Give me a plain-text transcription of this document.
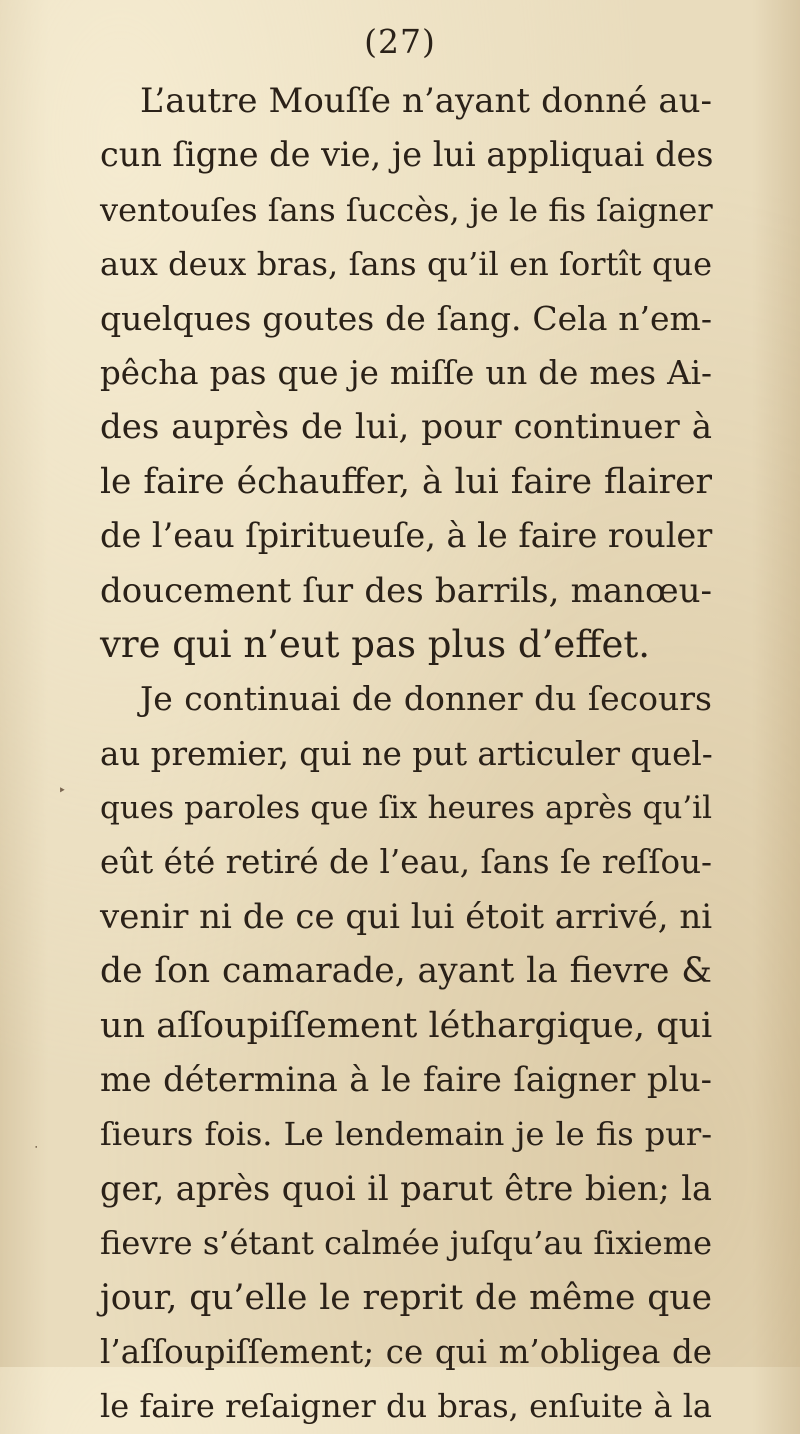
(27)
L’autre Mouſſe n’ayant donné au-
cun ſigne de vie, je lui appliquai des
ventouſes ſans ſuccès, je le fis ſaigner
aux deux bras, ſans qu’il en ſortît que
quelques goutes de ſang. Cela n’em-
pêcha pas que je miſſe un de mes Ai-
des auprès de lui, pour continuer à
le faire échauffer, à lui faire flairer
de l’eau ſpiritueuſe, à le faire rouler
doucement ſur des barrils, manœu-
vre qui n’eut pas plus d’effet.
Je continuai de donner du ſecours
au premier, qui ne put articuler quel-
ques paroles que ſix heures après qu’il
eût été retiré de l’eau, ſans ſe reſſou-
venir ni de ce qui lui étoit arrivé, ni
de ſon camarade, ayant la fievre &
un aſſoupiſſement léthargique, qui
me détermina à le faire ſaigner plu-
ſieurs fois. Le lendemain je le fis pur-
ger, après quoi il parut être bien; la
fievre s’étant calmée juſqu’au ſixieme
jour, qu’elle le reprit de même que
l’aſſoupiſſement; ce qui m’obligea de
le faire reſaigner du bras, enſuite à la
‣
‧
